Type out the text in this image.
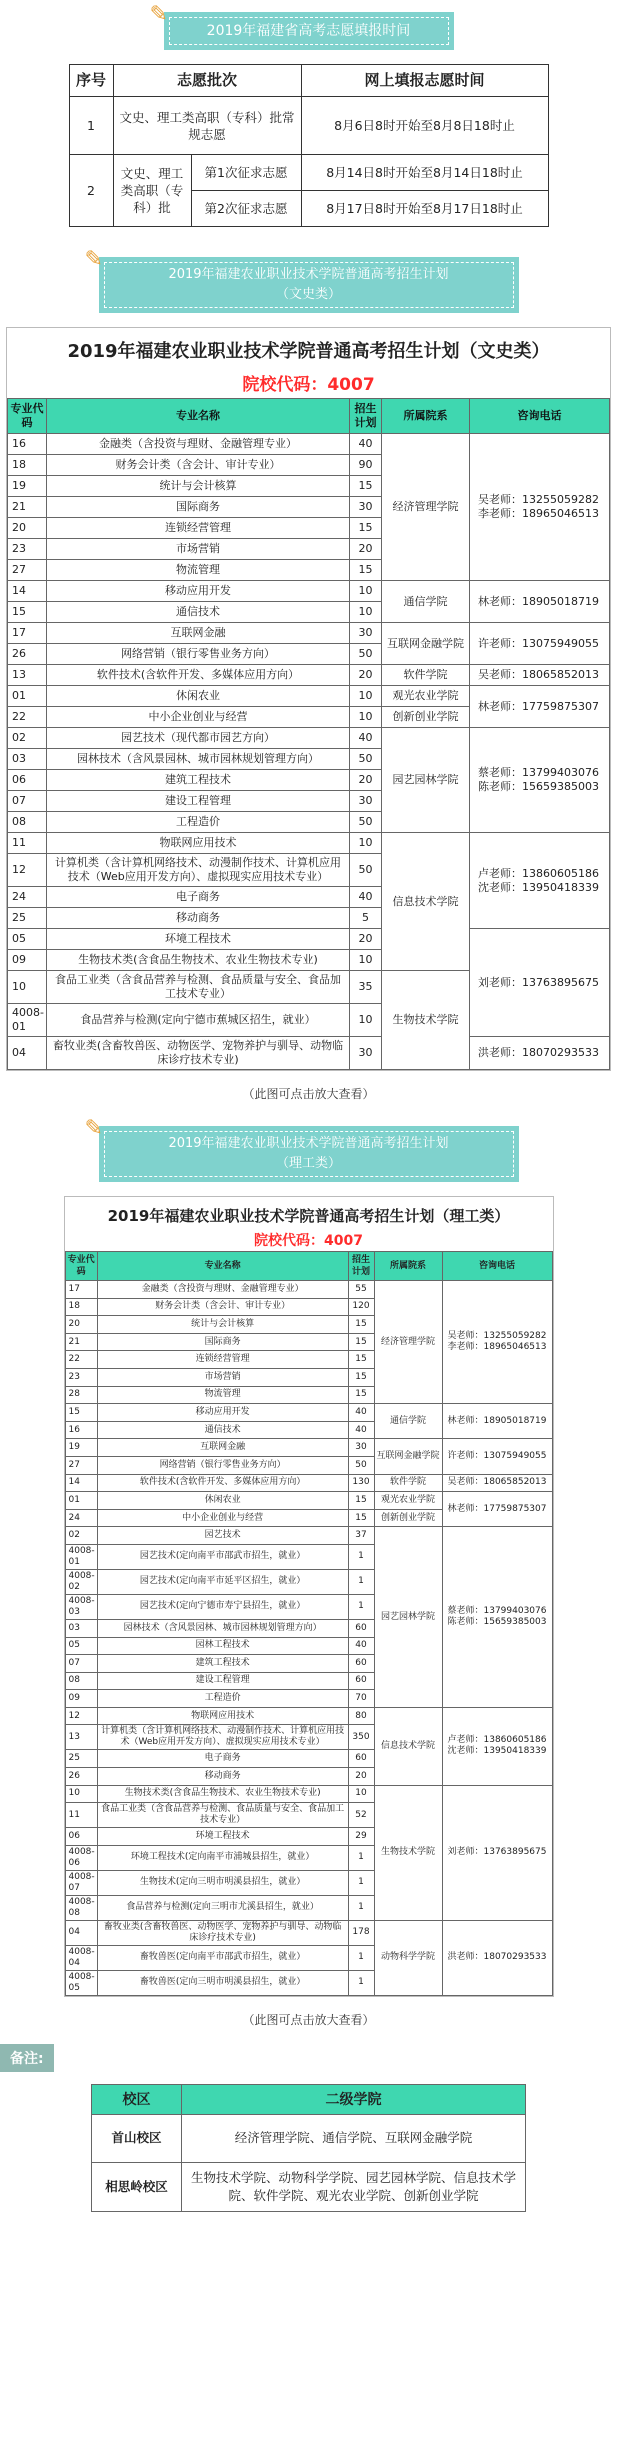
✎
2019年福建省高考志愿填报时间
序号	志愿批次		网上填报志愿时间
1	文史、理工类高职（专科）批常规志愿		8月6日8时开始至8月8日18时止
2	文史、理工类高职（专科）批	第1次征求志愿	8月14日8时开始至8月14日18时止
		第2次征求志愿	8月17日8时开始至8月17日18时止
✎
2019年福建农业职业技术学院普通高考招生计划
（文史类）
2019年福建农业职业技术学院普通高考招生计划（文史类）
院校代码：4007
专业代码	专业名称	招生计划	所属院系	咨询电话
16	金融类（含投资与理财、金融管理专业）	40	经济管理学院	吴老师：13255059282
李老师：18965046513
18	财务会计类（含会计、审计专业）	90		
19	统计与会计核算	15		
21	国际商务	30		
20	连锁经营管理	15		
23	市场营销	20		
27	物流管理	15		
14	移动应用开发	10	通信学院	林老师：18905018719
15	通信技术	10		
17	互联网金融	30	互联网金融学院	许老师：13075949055
26	网络营销（银行零售业务方向）	50		
13	软件技术(含软件开发、多媒体应用方向）	20	软件学院	吴老师：18065852013
01	休闲农业	10	观光农业学院	林老师：17759875307
22	中小企业创业与经营	10	创新创业学院	
02	园艺技术（现代都市园艺方向）	40	园艺园林学院	蔡老师：13799403076
陈老师：15659385003
03	园林技术（含风景园林、城市园林规划管理方向）	50		
06	建筑工程技术	20		
07	建设工程管理	30		
08	工程造价	50		
11	物联网应用技术	10	信息技术学院	卢老师：13860605186
沈老师：13950418339
12	计算机类（含计算机网络技术、动漫制作技术、计算机应用技术（Web应用开发方向）、虚拟现实应用技术专业）	50		
24	电子商务	40		
25	移动商务	5		
05	环境工程技术	20		刘老师：13763895675
09	生物技术类(含食品生物技术、农业生物技术专业)	10		
10	食品工业类（含食品营养与检测、食品质量与安全、食品加工技术专业）	35	生物技术学院	
4008-01	食品营养与检测(定向宁德市蕉城区招生，就业）	10		
04	畜牧业类(含畜牧兽医、动物医学、宠物养护与驯导、动物临床诊疗技术专业)	30		洪老师：18070293533
（此图可点击放大查看）
✎
2019年福建农业职业技术学院普通高考招生计划
（理工类）
2019年福建农业职业技术学院普通高考招生计划（理工类）
院校代码：4007
专业代码	专业名称	招生计划	所属院系	咨询电话
17	金融类（含投资与理财、金融管理专业）	55	经济管理学院	吴老师：13255059282
李老师：18965046513
18	财务会计类（含会计、审计专业）	120		
20	统计与会计核算	15		
21	国际商务	15		
22	连锁经营管理	15		
23	市场营销	15		
28	物流管理	15		
15	移动应用开发	40	通信学院	林老师：18905018719
16	通信技术	40		
19	互联网金融	30	互联网金融学院	许老师：13075949055
27	网络营销（银行零售业务方向）	50		
14	软件技术(含软件开发、多媒体应用方向）	130	软件学院	吴老师：18065852013
01	休闲农业	15	观光农业学院	林老师：17759875307
24	中小企业创业与经营	15	创新创业学院	
02	园艺技术	37	园艺园林学院	蔡老师：13799403076
陈老师：15659385003
4008-01	园艺技术(定向南平市邵武市招生，就业）	1		
4008-02	园艺技术(定向南平市延平区招生，就业）	1		
4008-03	园艺技术(定向宁德市寿宁县招生，就业）	1		
03	园林技术（含风景园林、城市园林规划管理方向）	60		
05	园林工程技术	40		
07	建筑工程技术	60		
08	建设工程管理	60		
09	工程造价	70		
12	物联网应用技术	80	信息技术学院	卢老师：13860605186
沈老师：13950418339
13	计算机类（含计算机网络技术、动漫制作技术、计算机应用技术（Web应用开发方向）、虚拟现实应用技术专业）	350		
25	电子商务	60		
26	移动商务	20		
10	生物技术类(含食品生物技术、农业生物技术专业)	10	生物技术学院	刘老师：13763895675
11	食品工业类（含食品营养与检测、食品质量与安全、食品加工技术专业）	52		
06	环境工程技术	29		
4008-06	环境工程技术(定向南平市浦城县招生，就业）	1		
4008-07	生物技术(定向三明市明溪县招生，就业）	1		
4008-08	食品营养与检测(定向三明市尤溪县招生，就业）	1		
04	畜牧业类(含畜牧兽医、动物医学、宠物养护与驯导、动物临床诊疗技术专业)	178	动物科学学院	洪老师：18070293533
4008-04	畜牧兽医(定向南平市邵武市招生，就业）	1		
4008-05	畜牧兽医(定向三明市明溪县招生，就业）	1		
（此图可点击放大查看）
备注:
校区	二级学院
首山校区	经济管理学院、通信学院、互联网金融学院
相思岭校区	生物技术学院、动物科学学院、园艺园林学院、信息技术学院、软件学院、观光农业学院、创新创业学院
